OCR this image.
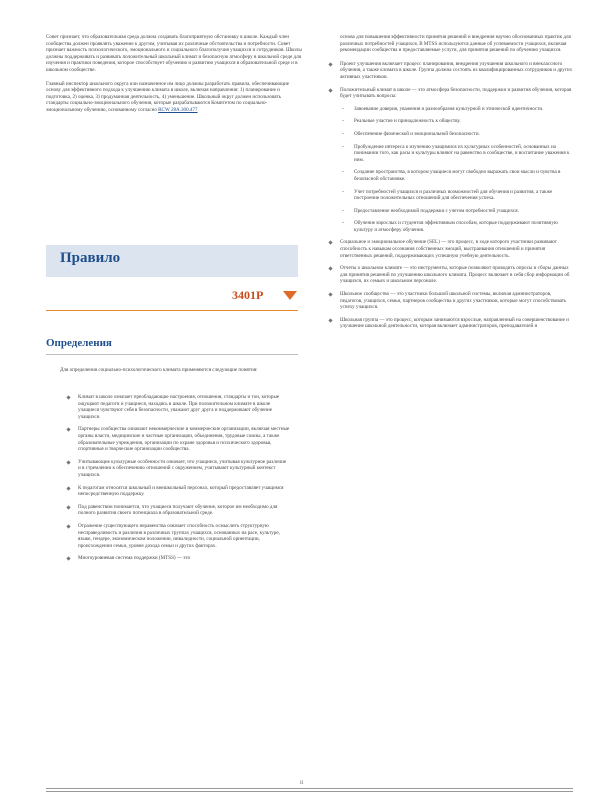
Совет признает, что образовательная среда должна создавать благоприятную обстановку в школе. Каждый член сообщества должен проявлять уважение к другим, учитывая их различные обстоятельства и потребности. Совет признает важность психологического, эмоционального и социального благополучия учащихся и сотрудников. Школы должны поддерживать и развивать положительный школьный климат и безопасную атмосферу в школьной среде для изучения и практики поведения, которое способствует обучению и развитию учащихся в образовательной среде и в школьном сообществе.

Главный инспектор школьного округа или назначенное им лицо должны разработать правила, обеспечивающие основу для эффективного подхода к улучшению климата в школе, включая направления: 1) планирование и подготовка, 2) оценка, 3) продуманная деятельность, 4) уменьшение. Школьный округ должен использовать стандарты социально-эмоционального обучения, которые разрабатываются Комитетом по социально-эмоциональному обучению, основанному согласно RCW 28A.300.477

Правило
3401P
Определения

Для определения социально-психологического климата применяются следующие понятия:

Климат в школе означает преобладающие настроения, отношения, стандарты и тон, которые ощущают педагоги и учащиеся, находясь в школе. При положительном климате в школе учащиеся чувствуют себя в безопасности, уважают друг друга и поддерживают обучение учащихся.
Партнеры сообщества означают некоммерческие и коммерческие организации, включая местные органы власти, медицинские и частные организации, объединения, трудовые союзы, а также образовательные учреждения, организации по охране здоровья и психического здоровья, спортивные и творческие организации сообщества.
Учитывающие культурные особенности означает, что учащиеся, учитывая культурное различие и в стремлении к обеспечению отношений с окружением, учитывают культурный контекст учащихся.
К педагогам относятся школьный и внешкольный персонал, который предоставляет учащимся непосредственную поддержку.
Под равенством понимается, что учащиеся получают обучение, которое им необходимо для полного развития своего потенциала в образовательной среде.
Отражение существующего неравенства означает способность осмыслить структурную несправедливость и различия в различных группах учащихся, основанных на расе, культуре, языке, гендере, экономическом положении, инвалидности, социальной ориентации, происхождении семьи, уровне дохода семьи и других факторах.
Многоуровневая система поддержки (MTSS) — это

основа для повышения эффективности принятия решений и внедрения научно обоснованных практик для различных потребностей учащихся. В MTSS используются данные об успеваемости учащихся, включая рекомендации сообщества и предоставляемые услуги, для принятия решений по обучению учащихся.

Проект улучшения включает процесс планирования, внедрения улучшения школьного и внеклассного обучения, а также климата в школе. Группа должна состоять из квалифицированных сотрудников и других активных участников.
Положительный климат в школе — это атмосфера безопасности, поддержки и развития обучения, которая будет учитывать вопросы:
- Завоевание доверия, уважения и разнообразия культурной и этнической идентичности.
- Реальные участие и принадлежность к обществу.
- Обеспечение физической и эмоциональной безопасности.
- Пробуждение интереса к изучению учащимися их культурных особенностей, основанных на понимании того, как расы и культуры влияют на равенство в сообществе, и воспитание уважения к ним.
- Создание пространства, в котором учащиеся могут свободно выражать свои мысли и чувства в безопасной обстановке.
- Учет потребностей учащихся и различных возможностей для обучения и развития, а также построение положительных отношений для обеспечения успеха.
- Предоставление необходимой поддержки с учетом потребностей учащихся.
- Обучение взрослых и студентов эффективным способам, которые поддерживают позитивную культуру и атмосферу обучения.
Социальное и эмоциональное обучение (SEL) — это процесс, в ходе которого участники развивают способность к навыкам осознания собственных эмоций, выстраивания отношений и принятия ответственных решений, поддерживающих успешную учебную деятельность.
Отчеты о школьном климате — это инструменты, которые позволяют проводить опросы и сборы данных для принятия решений по улучшению школьного климата. Процесс включает в себя сбор информации об учащихся, их семьях и школьном персонале.
Школьное сообщество — это участники большой школьной системы, включая администраторов, педагогов, учащихся, семьи, партнеров сообщества и других участников, которые могут способствовать успеху учащихся.
Школьная группа — это процесс, которым занимаются взрослые, направленный на совершенствование и улучшение школьной деятельности, которая включает администраторов, преподавателей и
ii
